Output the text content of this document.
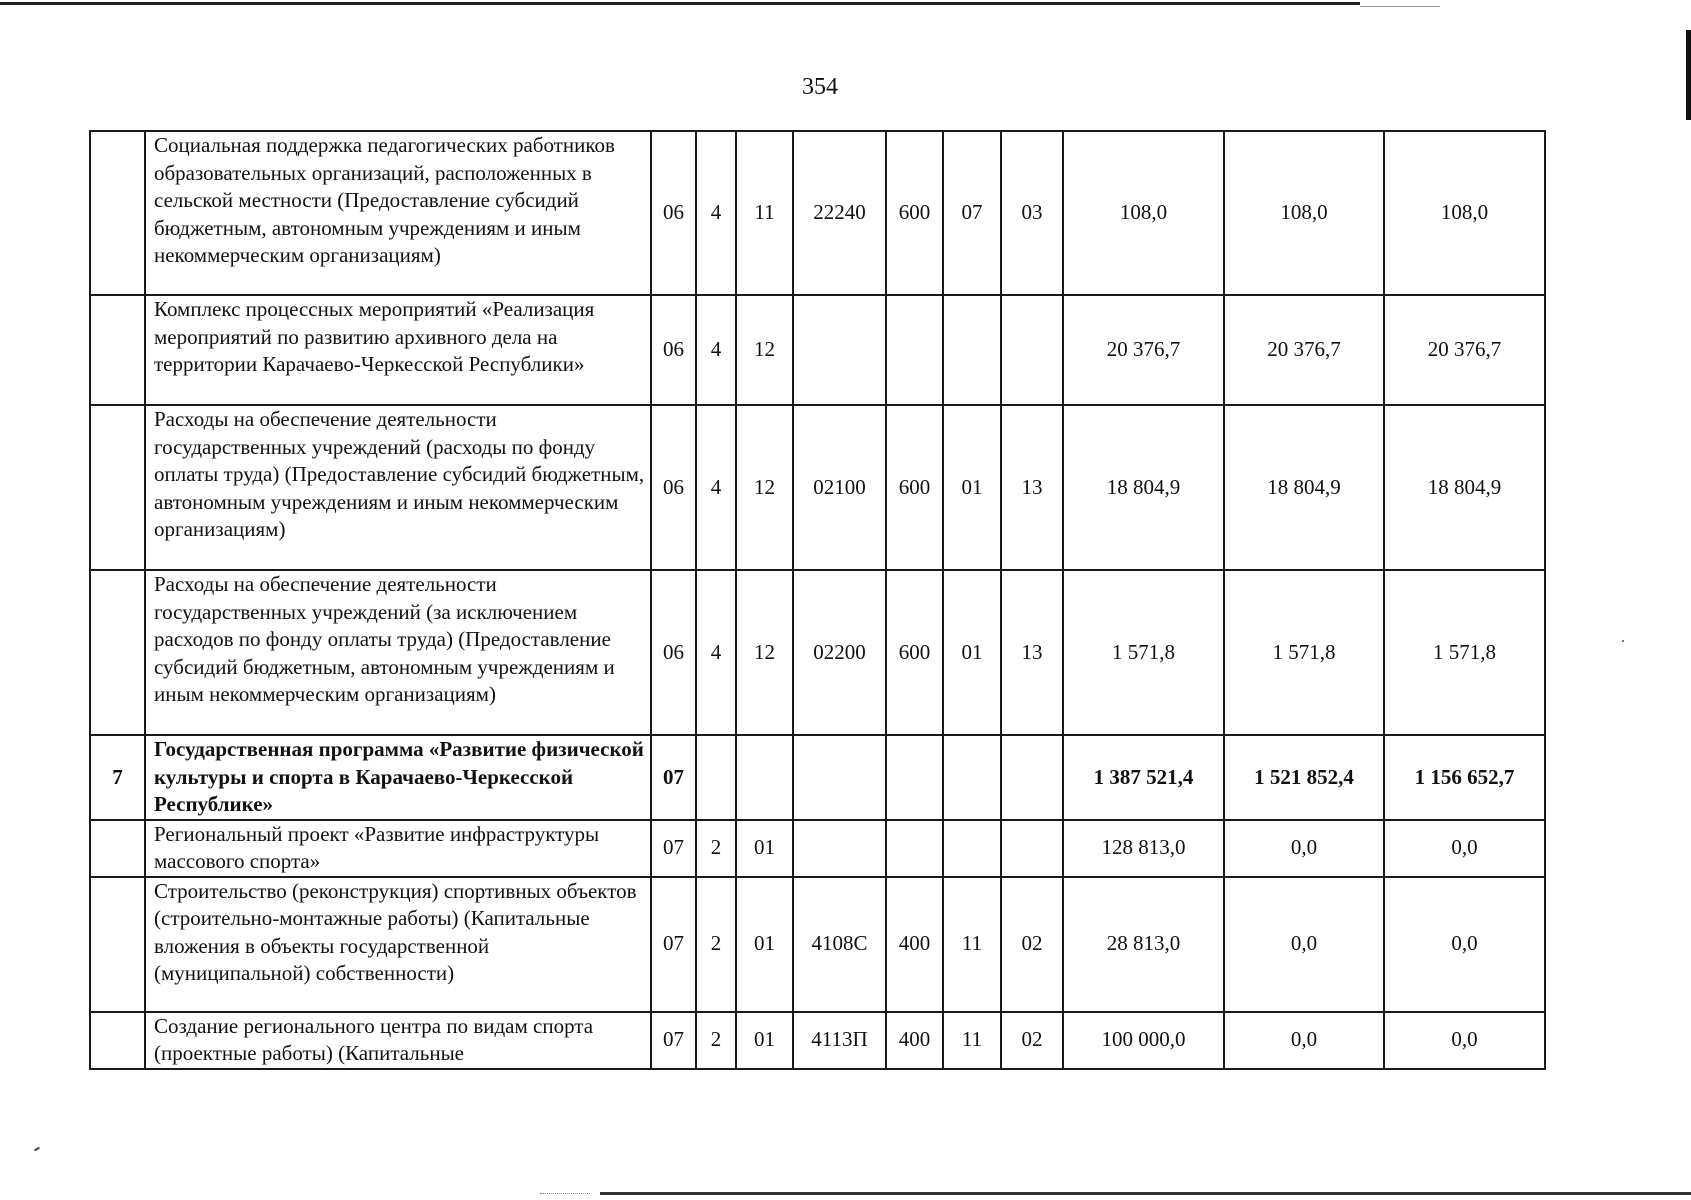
354
	Социальная поддержка педагогических работников образовательных организаций, расположенных в сельской местности (Предоставление субсидий бюджетным, автономным учреждениям и иным некоммерческим организациям)	06	4	11	22240	600	07	03	108,0	108,0	108,0
	Комплекс процессных мероприятий «Реализация мероприятий по развитию архивного дела на территории Карачаево-Черкесской Республики»	06	4	12					20 376,7	20 376,7	20 376,7
	Расходы на обеспечение деятельности государственных учреждений (расходы по фонду оплаты труда) (Предоставление субсидий бюджетным, автономным учреждениям и иным некоммерческим организациям)	06	4	12	02100	600	01	13	18 804,9	18 804,9	18 804,9
	Расходы на обеспечение деятельности государственных учреждений (за исключением расходов по фонду оплаты труда) (Предоставление субсидий бюджетным, автономным учреждениям и иным некоммерческим организациям)	06	4	12	02200	600	01	13	1 571,8	1 571,8	1 571,8
7	Государственная программа «Развитие физической культуры и спорта в Карачаево-Черкесской Республике»	07							1 387 521,4	1 521 852,4	1 156 652,7
	Региональный проект «Развитие инфраструктуры массового спорта»	07	2	01					128 813,0	0,0	0,0
	Строительство (реконструкция) спортивных объектов (строительно-монтажные работы) (Капитальные вложения в объекты государственной (муниципальной) собственности)	07	2	01	4108С	400	11	02	28 813,0	0,0	0,0
	Создание регионального центра по видам спорта (проектные работы) (Капитальные	07	2	01	4113П	400	11	02	100 000,0	0,0	0,0
